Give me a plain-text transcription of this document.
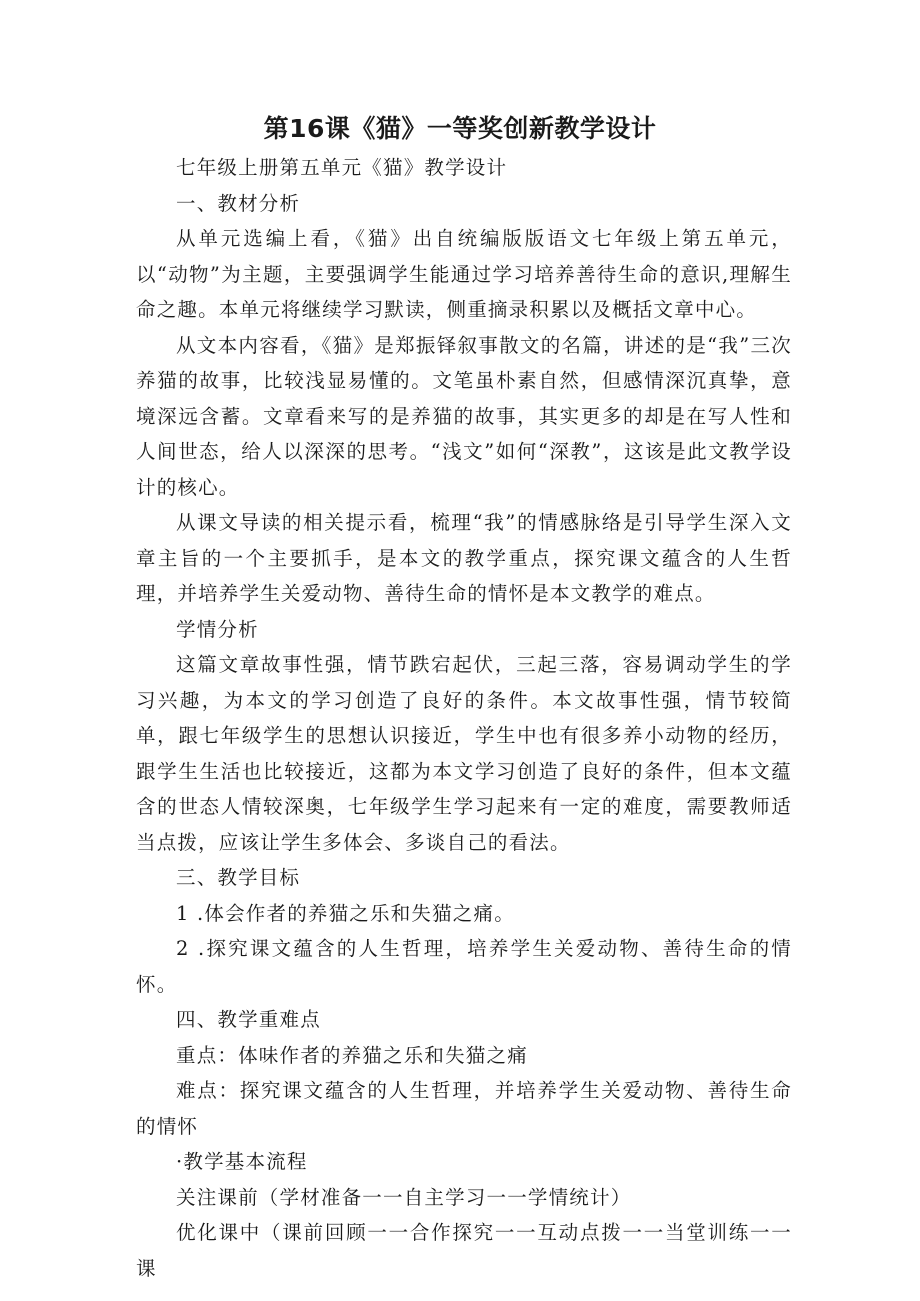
第16课《猫》一等奖创新教学设计

七年级上册第五单元《猫》教学设计

一、教材分析

从单元选编上看，《猫》出自统编版版语文七年级上第五单元，以“动物”为主题，主要强调学生能通过学习培养善待生命的意识,理解生命之趣。本单元将继续学习默读，侧重摘录积累以及概括文章中心。

从文本内容看，《猫》是郑振铎叙事散文的名篇，讲述的是“我”三次养猫的故事，比较浅显易懂的。文笔虽朴素自然，但感情深沉真挚，意境深远含蓄。文章看来写的是养猫的故事，其实更多的却是在写人性和人间世态，给人以深深的思考。“浅文”如何“深教”，这该是此文教学设计的核心。

从课文导读的相关提示看，梳理“我”的情感脉络是引导学生深入文章主旨的一个主要抓手，是本文的教学重点，探究课文蕴含的人生哲理，并培养学生关爱动物、善待生命的情怀是本文教学的难点。

学情分析

这篇文章故事性强，情节跌宕起伏，三起三落，容易调动学生的学习兴趣，为本文的学习创造了良好的条件。本文故事性强，情节较简单，跟七年级学生的思想认识接近，学生中也有很多养小动物的经历，跟学生生活也比较接近，这都为本文学习创造了良好的条件，但本文蕴含的世态人情较深奥，七年级学生学习起来有一定的难度，需要教师适当点拨，应该让学生多体会、多谈自己的看法。

三、教学目标

1 .体会作者的养猫之乐和失猫之痛。

2 .探究课文蕴含的人生哲理，培养学生关爱动物、善待生命的情怀。

四、教学重难点

重点：体味作者的养猫之乐和失猫之痛

难点：探究课文蕴含的人生哲理，并培养学生关爱动物、善待生命的情怀

·教学基本流程

关注课前（学材准备一一自主学习一一学情统计）

优化课中（课前回顾一一合作探究一一互动点拨一一当堂训练一一课
